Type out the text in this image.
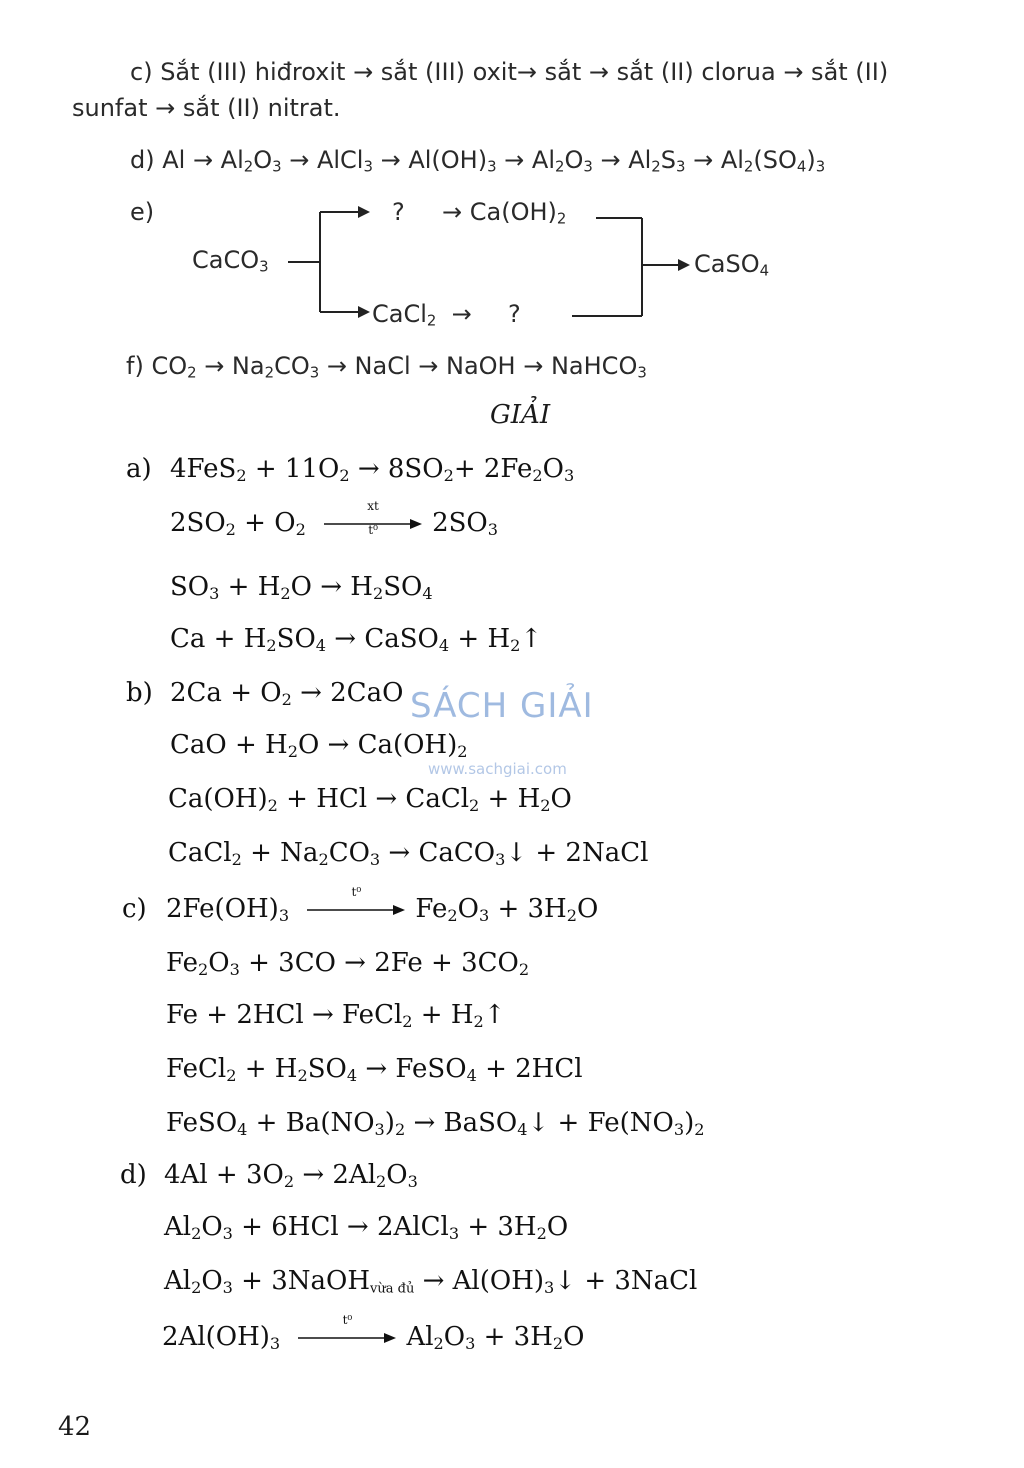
c) Sắt (III) hiđroxit → sắt (III) oxit→ sắt → sắt (II) clorua → sắt (II)
sunfat → sắt (II) nitrat.
d) $Al \to Al_2O_3$ → AlCl$_3$ → $Al(OH)_3 \to Al_2O_3 \to Al_2S_3 \to Al_2(SO_4)_3$
e)
CaCO$_3$
? → $Ca(OH)_2$
CaCl$_2$  → ?
CaSO$_4$
f) $CO_2 \to Na_2CO_3$ → NaCl → NaOH → NaHCO$_3$
GIẢI
a) $4FeS_2 + 11O_2 \to 8SO_2+ 2Fe_2O_3$
$2SO_2 + O_2$
xt
t⁰	$2SO_3$
$SO_3 + H_2O \to H_2SO_4$
$Ca + H_2SO_4$ → CaSO$_4$ + $H_2↑$
b) $2Ca + O_2 \to 2CaO$
CaO + $H_2O \to Ca(OH)_2$
$Ca(OH)_2$ + HCl → CaCl$_2$ + $H_2O$
CaCl$_2$ + $Na_2CO_3$ → CaCO$_3$↓ + 2NaCl
c) $2Fe(OH)_3$
t⁰
$Fe_2O_3 + 3H_2O$
$Fe_2O_3 + 3CO \to 2Fe + 3CO_2$
Fe + 2HCl → FeCl$_2$ + $H_2↑$
FeCl$_2$ + $H_2SO_4$ → FeSO$_4$ + 2HCl
FeSO$_4$ + $Ba(NO_3)_2$ → BaSO$_4$↓ + $Fe(NO_3)_2$
d) $4Al + 3O_2 \to 2Al_2O_3$
$Al_2O_3 + 6HCl$ → 2AlCl$_3$ + $3H_2O$
$Al_2O_3$ + 3NaOH$_{vừa đủ}$ → $Al(OH)_3↓$ + 3NaCl
$2Al(OH)_3$
t⁰
$Al_2O_3 + 3H_2O$
SÁCH GIẢI
www.sachgiai.com
42
